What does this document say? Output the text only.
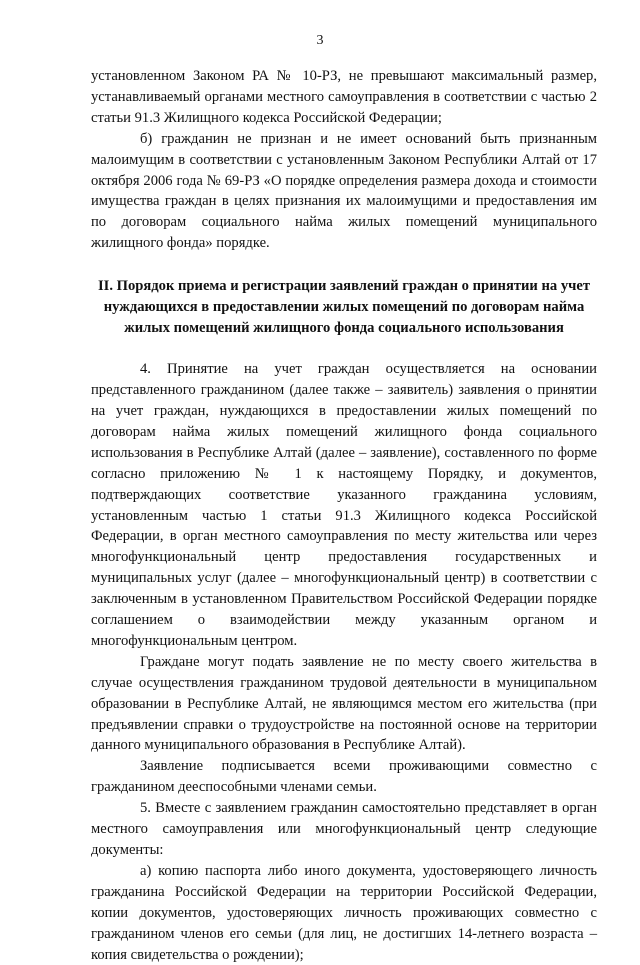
3

установленном Законом РА № 10-РЗ, не превышают максимальный размер, устанавливаемый органами местного самоуправления в соответствии с частью 2 статьи 91.3 Жилищного кодекса Российской Федерации;

б) гражданин не признан и не имеет оснований быть признанным малоимущим в соответствии с установленным Законом Республики Алтай от 17 октября 2006 года № 69-РЗ «О порядке определения размера дохода и стоимости имущества граждан в целях признания их малоимущими и предоставления им по договорам социального найма жилых помещений муниципального жилищного фонда» порядке.

II. Порядок приема и регистрации заявлений граждан о принятии на учет нуждающихся в предоставлении жилых помещений по договорам найма жилых помещений жилищного фонда социального использования

4. Принятие на учет граждан осуществляется на основании представленного гражданином (далее также – заявитель) заявления о принятии на учет граждан, нуждающихся в предоставлении жилых помещений по договорам найма жилых помещений жилищного фонда социального использования в Республике Алтай (далее – заявление), составленного по форме согласно приложению № 1 к настоящему Порядку, и документов, подтверждающих соответствие указанного гражданина условиям, установленным частью 1 статьи 91.3 Жилищного кодекса Российской Федерации, в орган местного самоуправления по месту жительства или через многофункциональный центр предоставления государственных и муниципальных услуг (далее – многофункциональный центр) в соответствии с заключенным в установленном Правительством Российской Федерации порядке соглашением о взаимодействии между указанным органом и многофункциональным центром.

Граждане могут подать заявление не по месту своего жительства в случае осуществления гражданином трудовой деятельности в муниципальном образовании в Республике Алтай, не являющимся местом его жительства (при предъявлении справки о трудоустройстве на постоянной основе на территории данного муниципального образования в Республике Алтай).

Заявление подписывается всеми проживающими совместно с гражданином дееспособными членами семьи.

5. Вместе с заявлением гражданин самостоятельно представляет в орган местного самоуправления или многофункциональный центр следующие документы:

а) копию паспорта либо иного документа, удостоверяющего личность гражданина Российской Федерации на территории Российской Федерации, копии документов, удостоверяющих личность проживающих совместно с гражданином членов его семьи (для лиц, не достигших 14-летнего возраста – копия свидетельства о рождении);
